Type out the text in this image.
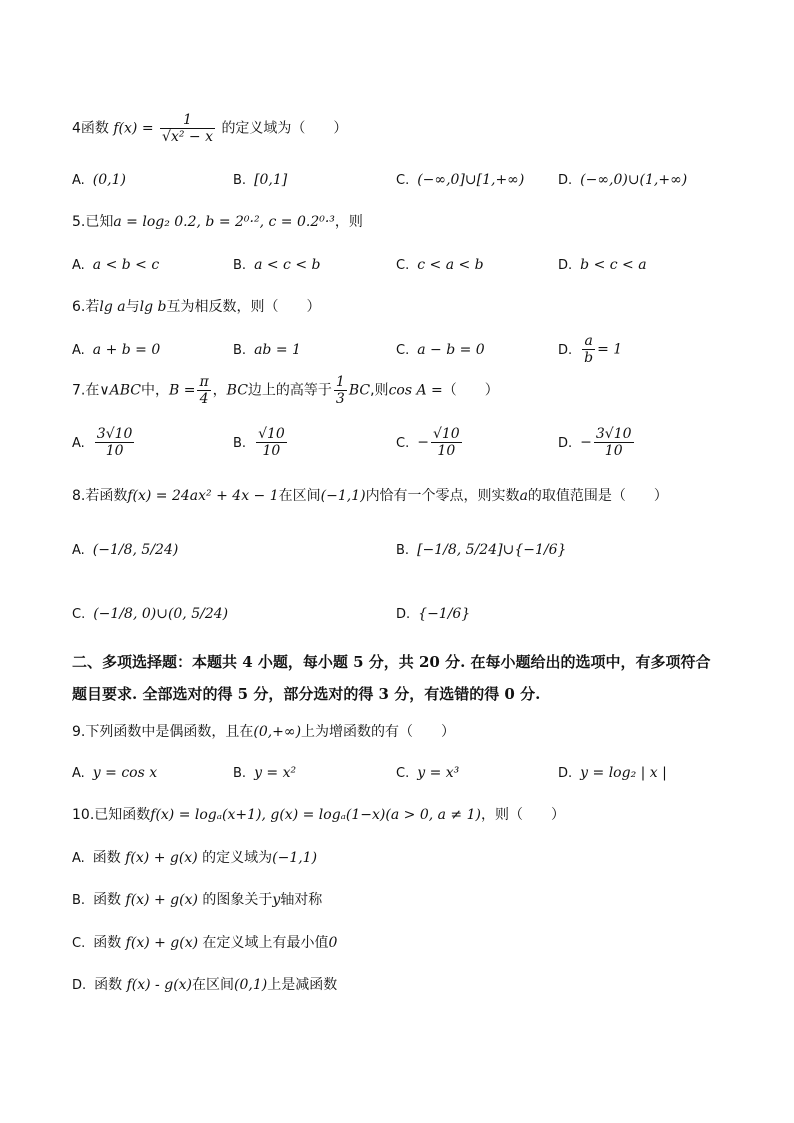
4函数 $f(x) = \frac{1}{\text{√x² − x}}$ 的定义域为（　　）
A. (0,1)	B. [0,1]	C. (−∞,0]∪[1,+∞)	D. (−∞,0)∪(1,+∞)
5.已知a = log₂ 0.2, b = 2⁰·², c = 0.2⁰·³，则
A. a < b < c	B. a < c < b	C. c < a < b	D. b < c < a
6.若lg a与lg b互为相反数，则（　　）
A. a + b = 0	B. ab = 1	C. a − b = 0	D. $\frac{a}{b} = 1$
7.在∨ABC中，$B = \frac{\pi}{4}$ ，BC边上的高等于 $\frac{1}{3}$ BC,则cos A =（　　）
A. $\frac{3√10}{10}$	B. $\frac{√10}{10}$	C. − $\frac{√10}{10}$	D. − $\frac{3√10}{10}$
8.若函数f(x) = 24ax² + 4x − 1在区间(−1,1)内恰有一个零点，则实数a的取值范围是（　　）
A. (−1/8, 5/24)	B. [−1/8, 5/24]∪{−1/6}
C. (−1/8, 0)∪(0, 5/24)	D. {−1/6}
二、多项选择题：本题共 4 小题，每小题 5 分，共 20 分. 在每小题给出的选项中，有多项符合题目要求. 全部选对的得 5 分，部分选对的得 3 分，有选错的得 0 分.
9.下列函数中是偶函数，且在(0,+∞)上为增函数的有（　　）
A. y = cos x	B. y = x²	C. y = x³	D. y = log₂ | x |
10.已知函数f(x) = logₐ(x+1), g(x) = logₐ(1−x)(a > 0, a ≠ 1)，则（　　）
A. 函数 f(x) + g(x) 的定义域为(−1,1)
B. 函数 f(x) + g(x) 的图象关于y轴对称
C. 函数 f(x) + g(x) 在定义域上有最小值0
D. 函数 f(x) - g(x)在区间(0,1)上是减函数
